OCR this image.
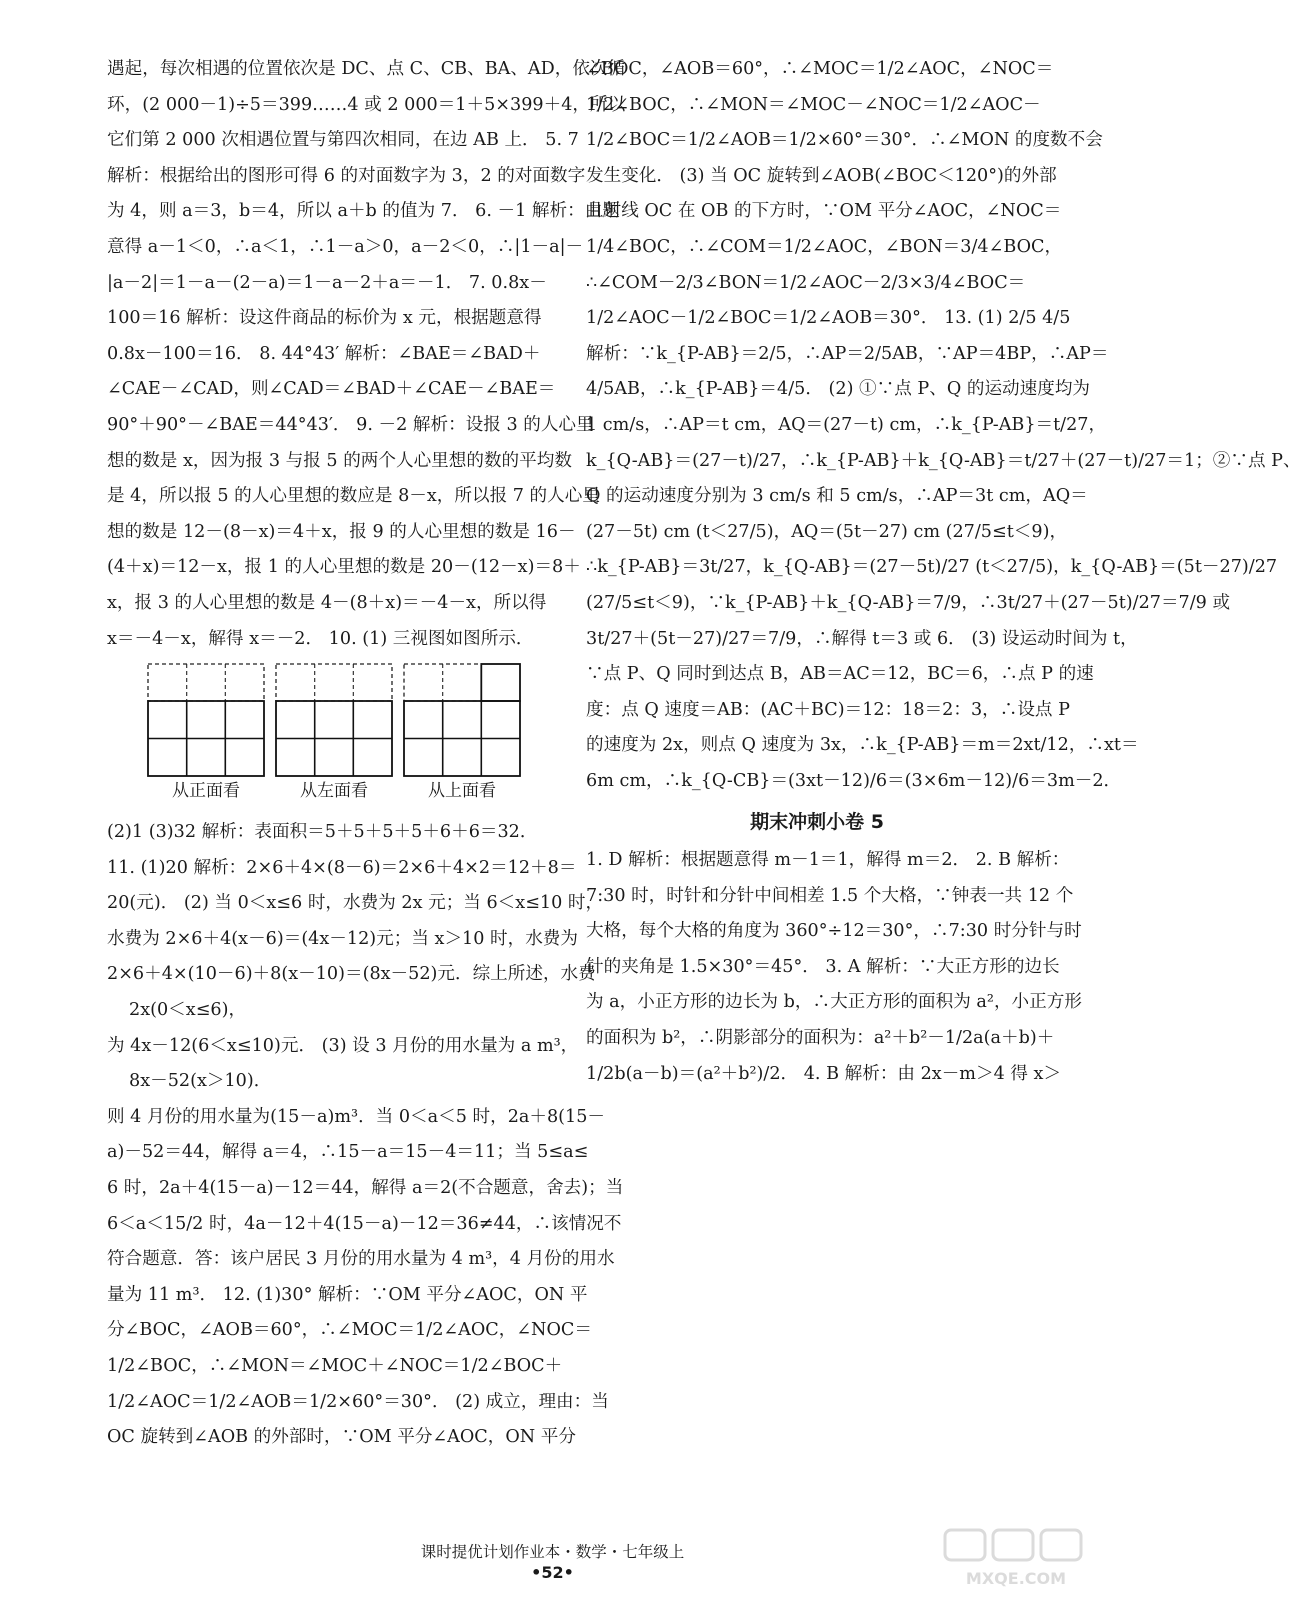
遇起，每次相遇的位置依次是 DC、点 C、CB、BA、AD，依次循
环，(2 000－1)÷5＝399……4 或 2 000＝1＋5×399＋4，所以
它们第 2 000 次相遇位置与第四次相同，在边 AB 上． 5. 7
解析：根据给出的图形可得 6 的对面数字为 3，2 的对面数字
为 4，则 a＝3，b＝4，所以 a＋b 的值为 7． 6. －1 解析：由题
意得 a－1＜0，∴a＜1，∴1－a＞0，a－2＜0，∴|1－a|－
|a－2|＝1－a－(2－a)＝1－a－2＋a＝－1． 7. 0.8x－
100＝16 解析：设这件商品的标价为 x 元，根据题意得
0.8x－100＝16． 8. 44°43′ 解析：∠BAE＝∠BAD＋
∠CAE－∠CAD，则∠CAD＝∠BAD＋∠CAE－∠BAE＝
90°＋90°－∠BAE＝44°43′． 9. －2 解析：设报 3 的人心里
想的数是 x，因为报 3 与报 5 的两个人心里想的数的平均数
是 4，所以报 5 的人心里想的数应是 8－x，所以报 7 的人心里
想的数是 12－(8－x)＝4＋x，报 9 的人心里想的数是 16－
(4＋x)＝12－x，报 1 的人心里想的数是 20－(12－x)＝8＋
x，报 3 的人心里想的数是 4－(8＋x)＝－4－x，所以得
x＝－4－x，解得 x＝－2． 10. (1) 三视图如图所示．

从正面看	从左面看	从上面看

(2)1 (3)32 解析：表面积＝5＋5＋5＋5＋6＋6＝32．
11. (1)20 解析：2×6＋4×(8－6)＝2×6＋4×2＝12＋8＝
20(元)． (2) 当 0＜x≤6 时，水费为 2x 元；当 6＜x≤10 时，
水费为 2×6＋4(x－6)＝(4x－12)元；当 x＞10 时，水费为
2×6＋4×(10－6)＋8(x－10)＝(8x－52)元．综上所述，水费
2x(0＜x≤6)，
为 4x－12(6＜x≤10)元． (3) 设 3 月份的用水量为 a m³，
8x－52(x＞10)．
则 4 月份的用水量为(15－a)m³．当 0＜a＜5 时，2a＋8(15－
a)－52＝44，解得 a＝4，∴15－a＝15－4＝11；当 5≤a≤
6 时，2a＋4(15－a)－12＝44，解得 a＝2(不合题意，舍去)；当
6＜a＜15/2 时，4a－12＋4(15－a)－12＝36≠44，∴该情况不
符合题意．答：该户居民 3 月份的用水量为 4 m³，4 月份的用水
量为 11 m³． 12. (1)30° 解析：∵OM 平分∠AOC，ON 平
分∠BOC，∠AOB＝60°，∴∠MOC＝1/2∠AOC，∠NOC＝
1/2∠BOC，∴∠MON＝∠MOC＋∠NOC＝1/2∠BOC＋
1/2∠AOC＝1/2∠AOB＝1/2×60°＝30°． (2) 成立，理由：当
OC 旋转到∠AOB 的外部时，∵OM 平分∠AOC，ON 平分

∠BOC，∠AOB＝60°，∴∠MOC＝1/2∠AOC，∠NOC＝
1/2∠BOC，∴∠MON＝∠MOC－∠NOC＝1/2∠AOC－
1/2∠BOC＝1/2∠AOB＝1/2×60°＝30°．∴∠MON 的度数不会
发生变化． (3) 当 OC 旋转到∠AOB(∠BOC＜120°)的外部
且射线 OC 在 OB 的下方时，∵OM 平分∠AOC，∠NOC＝
1/4∠BOC，∴∠COM＝1/2∠AOC，∠BON＝3/4∠BOC，
∴∠COM－2/3∠BON＝1/2∠AOC－2/3×3/4∠BOC＝
1/2∠AOC－1/2∠BOC＝1/2∠AOB＝30°． 13. (1) 2/5 4/5
解析：∵k_{P-AB}＝2/5，∴AP＝2/5AB，∵AP＝4BP，∴AP＝
4/5AB，∴k_{P-AB}＝4/5． (2) ①∵点 P、Q 的运动速度均为
1 cm/s，∴AP＝t cm，AQ＝(27－t) cm，∴k_{P-AB}＝t/27，
k_{Q-AB}＝(27－t)/27，∴k_{P-AB}＋k_{Q-AB}＝t/27＋(27－t)/27＝1；②∵点 P、
Q 的运动速度分别为 3 cm/s 和 5 cm/s，∴AP＝3t cm，AQ＝
(27－5t) cm (t＜27/5)，AQ＝(5t－27) cm (27/5≤t＜9)，
∴k_{P-AB}＝3t/27，k_{Q-AB}＝(27－5t)/27 (t＜27/5)，k_{Q-AB}＝(5t－27)/27
(27/5≤t＜9)，∵k_{P-AB}＋k_{Q-AB}＝7/9，∴3t/27＋(27－5t)/27＝7/9 或
3t/27＋(5t－27)/27＝7/9，∴解得 t＝3 或 6． (3) 设运动时间为 t，
∵点 P、Q 同时到达点 B，AB＝AC＝12，BC＝6，∴点 P 的速
度：点 Q 速度＝AB：(AC＋BC)＝12：18＝2：3，∴设点 P
的速度为 2x，则点 Q 速度为 3x，∴k_{P-AB}＝m＝2xt/12，∴xt＝
6m cm，∴k_{Q-CB}＝(3xt－12)/6＝(3×6m－12)/6＝3m－2．

期末冲刺小卷 5

1. D 解析：根据题意得 m－1＝1，解得 m＝2． 2. B 解析：
7:30 时，时针和分针中间相差 1.5 个大格，∵钟表一共 12 个
大格，每个大格的角度为 360°÷12＝30°，∴7:30 时分针与时
针的夹角是 1.5×30°＝45°． 3. A 解析：∵大正方形的边长
为 a，小正方形的边长为 b，∴大正方形的面积为 a²，小正方形
的面积为 b²，∴阴影部分的面积为：a²＋b²－1/2a(a＋b)＋
1/2b(a－b)＝(a²＋b²)/2． 4. B 解析：由 2x－m＞4 得 x＞

课时提优计划作业本・数学・七年级上
•52•	MXQE.COM
